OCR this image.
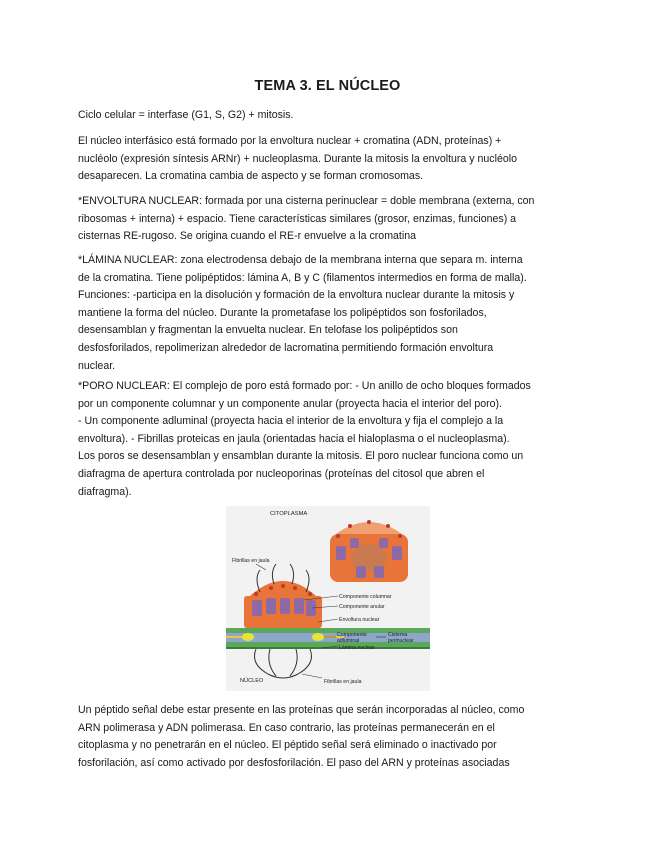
TEMA 3. EL NÚCLEO
Ciclo celular = interfase (G1, S, G2) + mitosis.
El núcleo interfásico está formado por la envoltura nuclear + cromatina (ADN, proteínas) +
nucléolo (expresión síntesis ARNr) + nucleoplasma. Durante la mitosis la envoltura y nucléolo
desaparecen. La cromatina cambia de aspecto y se forman cromosomas.
*ENVOLTURA NUCLEAR: formada por una cisterna perinuclear = doble membrana (externa, con
ribosomas + interna) + espacio. Tiene características similares (grosor, enzimas, funciones) a
cisternas RE-rugoso. Se origina cuando el RE-r envuelve a la cromatina
*LÁMINA NUCLEAR: zona electrodensa debajo de la membrana interna que separa m. interna
de la cromatina. Tiene polipéptidos: lámina A, B y C (filamentos intermedios en forma de malla).
Funciones: -participa en la disolución y formación de la envoltura nuclear durante la mitosis y
mantiene la forma del núcleo. Durante la prometafase los polipéptidos son fosforilados,
desensamblan y fragmentan la envuelta nuclear. En telofase los polipéptidos son
desfosforilados, repolimerizan alrededor de lacromatina permitiendo formación envoltura
nuclear.
*PORO NUCLEAR: El complejo de poro está formado por: - Un anillo de ocho bloques formados
por un componente columnar y un componente anular (proyecta hacia el interior del poro).
- Un componente adluminal (proyecta hacia el interior de la envoltura y fija el complejo a la
envoltura). - Fibrillas proteicas en jaula (orientadas hacia el hialoplasma o el nucleoplasma).
Los poros se desensamblan y ensamblan durante la mitosis. El poro nuclear funciona como un
diafragma de apertura controlada por nucleoporinas (proteínas del citosol que abren el
diafragma).
CITOPLASMA
Fibrillas en jaula
Componente columnar
Componente anular
Envoltura nuclear
Componente
adluminal
Cisterna
perinuclear
Lámina nuclear
NÚCLEO	Fibrillas en jaula
Un péptido señal debe estar presente en las proteínas que serán incorporadas al núcleo, como
ARN polimerasa y ADN polimerasa. En caso contrario, las proteínas permanecerán en el
citoplasma y no penetrarán en el núcleo. El péptido señal será eliminado o inactivado por
fosforilación, así como activado por desfosforilación. El paso del ARN y proteínas asociadas
